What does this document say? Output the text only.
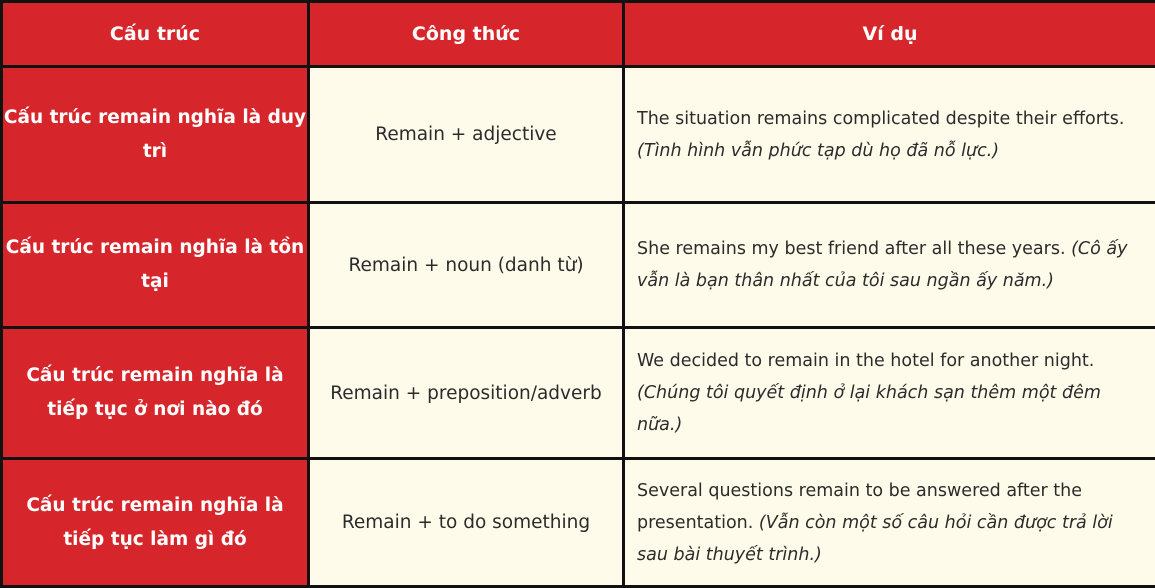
Cấu trúc	Công thức	Ví dụ
Cấu trúc remain nghĩa là duy trì	Remain + adjective	The situation remains complicated despite their efforts. (Tình hình vẫn phức tạp dù họ đã nỗ lực.)
Cấu trúc remain nghĩa là tồn tại	Remain + noun (danh từ)	She remains my best friend after all these years. (Cô ấy vẫn là bạn thân nhất của tôi sau ngần ấy năm.)
Cấu trúc remain nghĩa là tiếp tục ở nơi nào đó	Remain + preposition/adverb	We decided to remain in the hotel for another night. (Chúng tôi quyết định ở lại khách sạn thêm một đêm nữa.)
Cấu trúc remain nghĩa là tiếp tục làm gì đó	Remain + to do something	Several questions remain to be answered after the presentation. (Vẫn còn một số câu hỏi cần được trả lời sau bài thuyết trình.)
